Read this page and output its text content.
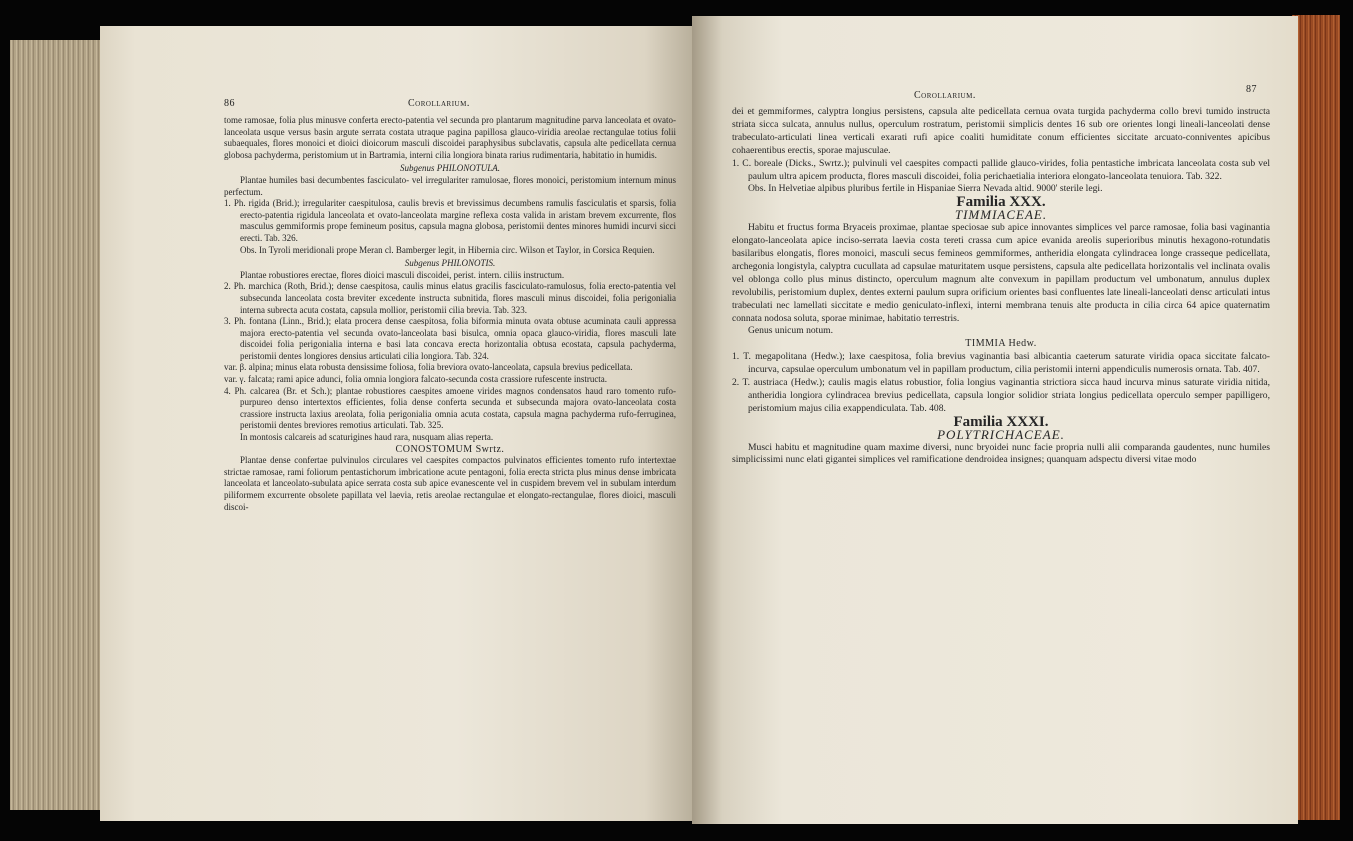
86	Corollarium.

tome ramosae, folia plus minusve conferta erecto-patentia vel secunda pro plantarum magnitudine parva lanceolata et ovato-lanceolata usque versus basin argute serrata costata utraque pagina papillosa glauco-viridia areolae rectangulae totius folii subaequales, flores monoici et dioici dioicorum masculi discoidei paraphysibus subclavatis, capsula alte pedicellata cernua globosa pachyderma, peristomium ut in Bartramia, interni cilia longiora binata rarius rudimentaria, habitatio in humidis.

Subgenus PHILONOTULA.

Plantae humiles basi decumbentes fasciculato- vel irregulariter ramulosae, flores monoici, peristomium internum minus perfectum.

1. Ph. rigida (Brid.); irregulariter caespitulosa, caulis brevis et brevissimus decumbens ramulis fasciculatis et sparsis, folia erecto-patentia rigidula lanceolata et ovato-lanceolata margine reflexa costa valida in aristam brevem excurrente, flos masculus gemmiformis prope femineum positus, capsula magna globosa, peristomii dentes minores humidi incurvi sicci erecti. Tab. 326.

Obs. In Tyroli meridionali prope Meran cl. Bamberger legit, in Hibernia circ. Wilson et Taylor, in Corsica Requien.

Subgenus PHILONOTIS.

Plantae robustiores erectae, flores dioici masculi discoidei, perist. intern. ciliis instructum.

2. Ph. marchica (Roth, Brid.); dense caespitosa, caulis minus elatus gracilis fasciculato-ramulosus, folia erecto-patentia vel subsecunda lanceolata costa breviter excedente instructa subnitida, flores masculi minus discoidei, folia perigonialia interna subrecta acuta costata, capsula mollior, peristomii cilia brevia. Tab. 323.

3. Ph. fontana (Linn., Brid.); elata procera dense caespitosa, folia biformia minuta ovata obtuse acuminata cauli appressa majora erecto-patentia vel secunda ovato-lanceolata basi bisulca, omnia opaca glauco-viridia, flores masculi late discoidei folia perigonialia interna e basi lata concava erecta horizontalia obtusa ecostata, capsula pachyderma, peristomii dentes longiores densius articulati cilia longiora. Tab. 324.

var. β. alpina; minus elata robusta densissime foliosa, folia breviora ovato-lanceolata, capsula brevius pedicellata.

var. γ. falcata; rami apice adunci, folia omnia longiora falcato-secunda costa crassiore rufescente instructa.

4. Ph. calcarea (Br. et Sch.); plantae robustiores caespites amoene virides magnos condensatos haud raro tomento rufo-purpureo denso intertextos efficientes, folia dense conferta secunda et subsecunda majora ovato-lanceolata costa crassiore instructa laxius areolata, folia perigonialia omnia acuta costata, capsula magna pachyderma rufo-ferruginea, peristomii dentes breviores remotius articulati. Tab. 325.

In montosis calcareis ad scaturigines haud rara, nusquam alias reperta.

CONOSTOMUM Swrtz.

Plantae dense confertae pulvinulos circulares vel caespites compactos pulvinatos efficientes tomento rufo intertextae strictae ramosae, rami foliorum pentastichorum imbricatione acute pentagoni, folia erecta stricta plus minus dense imbricata lanceolata et lanceolato-subulata apice serrata costa sub apice evanescente vel in cuspidem brevem vel in subulam interdum piliformem excurrente obsolete papillata vel laevia, retis areolae rectangulae et elongato-rectangulae, flores dioici, masculi discoi-

Corollarium.
87

dei et gemmiformes, calyptra longius persistens, capsula alte pedicellata cernua ovata turgida pachyderma collo brevi tumido instructa striata sicca sulcata, annulus nullus, operculum rostratum, peristomii simplicis dentes 16 sub ore orientes longi lineali-lanceolati dense trabeculato-articulati linea verticali exarati rufi apice coaliti humiditate conum efficientes siccitate arcuato-conniventes apicibus cohaerentibus erectis, sporae majusculae.

1. C. boreale (Dicks., Swrtz.); pulvinuli vel caespites compacti pallide glauco-virides, folia pentastiche imbricata lanceolata costa sub vel paulum ultra apicem producta, flores masculi discoidei, folia perichaetialia interiora elongato-lanceolata tenuiora. Tab. 322.

Obs. In Helvetiae alpibus pluribus fertile in Hispaniae Sierra Nevada altid. 9000' sterile legi.

Familia XXX.

TIMMIACEAE.

Habitu et fructus forma Bryaceis proximae, plantae speciosae sub apice innovantes simplices vel parce ramosae, folia basi vaginantia elongato-lanceolata apice inciso-serrata laevia costa tereti crassa cum apice evanida areolis superioribus minutis hexagono-rotundatis basilaribus elongatis, flores monoici, masculi secus femineos gemmiformes, antheridia elongata cylindracea longe crasseque pedicellata, archegonia longistyla, calyptra cucullata ad capsulae maturitatem usque persistens, capsula alte pedicellata horizontalis vel inclinata ovalis vel oblonga collo plus minus distincto, operculum magnum alte convexum in papillam productum vel umbonatum, annulus duplex revolubilis, peristomium duplex, dentes externi paulum supra orificium orientes basi confluentes late lineali-lanceolati densc articulati intus trabeculati nec lamellati siccitate e medio geniculato-inflexi, interni membrana tenuis alte producta in cilia circa 64 apice quaternatim connata nodosa soluta, sporae minimae, habitatio terrestris.

Genus unicum notum.

TIMMIA Hedw.

1. T. megapolitana (Hedw.); laxe caespitosa, folia brevius vaginantia basi albicantia caeterum saturate viridia opaca siccitate falcato-incurva, capsulae operculum umbonatum vel in papillam productum, cilia peristomii interni appendiculis numerosis ornata. Tab. 407.

2. T. austriaca (Hedw.); caulis magis elatus robustior, folia longius vaginantia strictiora sicca haud incurva minus saturate viridia nitida, antheridia longiora cylindracea brevius pedicellata, capsula longior solidior striata longius pedicellata operculo semper papilligero, peristomium majus cilia exappendiculata. Tab. 408.

Familia XXXI.

POLYTRICHACEAE.

Musci habitu et magnitudine quam maxime diversi, nunc bryoidei nunc facie propria nulli alii comparanda gaudentes, nunc humiles simplicissimi nunc elati gigantei simplices vel ramificatione dendroidea insignes; quanquam adspectu diversi vitae modo
